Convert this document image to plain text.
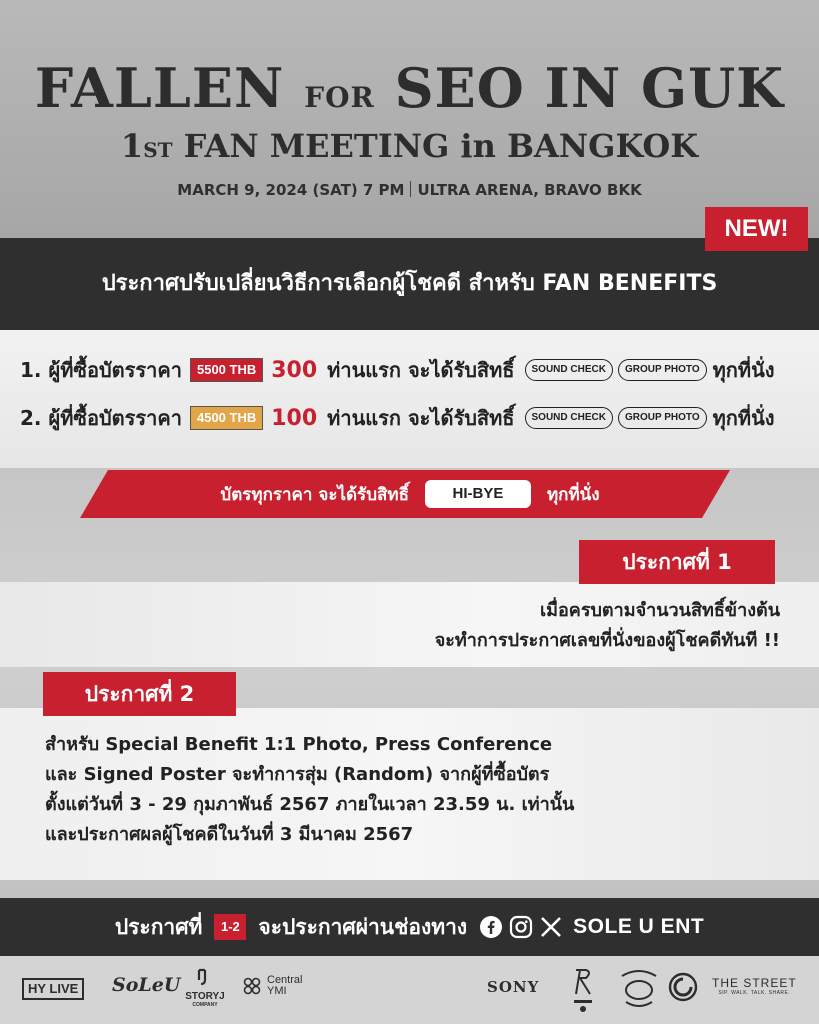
FALLEN FOR SEO IN GUK
1ST FAN MEETING in BANGKOK
MARCH 9, 2024 (SAT) 7 PM ULTRA ARENA, BRAVO BKK
ประกาศปรับเปลี่ยนวิธีการเลือกผู้โชคดี สำหรับ FAN BENEFITS
NEW!
1. ผู้ที่ซื้อบัตรราคา	5500 THB 300 ท่านแรก จะได้รับสิทธิ์	SOUND CHECK	GROUP PHOTO ทุกที่นั่ง
2. ผู้ที่ซื้อบัตรราคา	4500 THB 100 ท่านแรก จะได้รับสิทธิ์	SOUND CHECK	GROUP PHOTO ทุกที่นั่ง
บัตรทุกราคา จะได้รับสิทธิ์	HI-BYE	ทุกที่นั่ง
ประกาศที่ 1
เมื่อครบตามจำนวนสิทธิ์ข้างต้น
จะทำการประกาศเลขที่นั่งของผู้โชคดีทันที !!
ประกาศที่ 2
สำหรับ Special Benefit 1:1 Photo, Press Conference
และ Signed Poster จะทำการสุ่ม (Random) จากผู้ที่ซื้อบัตร
ตั้งแต่วันที่ 3 - 29 กุมภาพันธ์ 2567 ภายในเวลา 23.59 น. เท่านั้น
และประกาศผลผู้โชคดีในวันที่ 3 มีนาคม 2567
ประกาศที่	1-2 จะประกาศผ่านช่องทาง	SOLE U ENT
HY LIVE	SoLeU
STORYJ
COMPANY
Central
YMI	SONY	THE STREET
SIP. WALK. TALK. SHARE.
